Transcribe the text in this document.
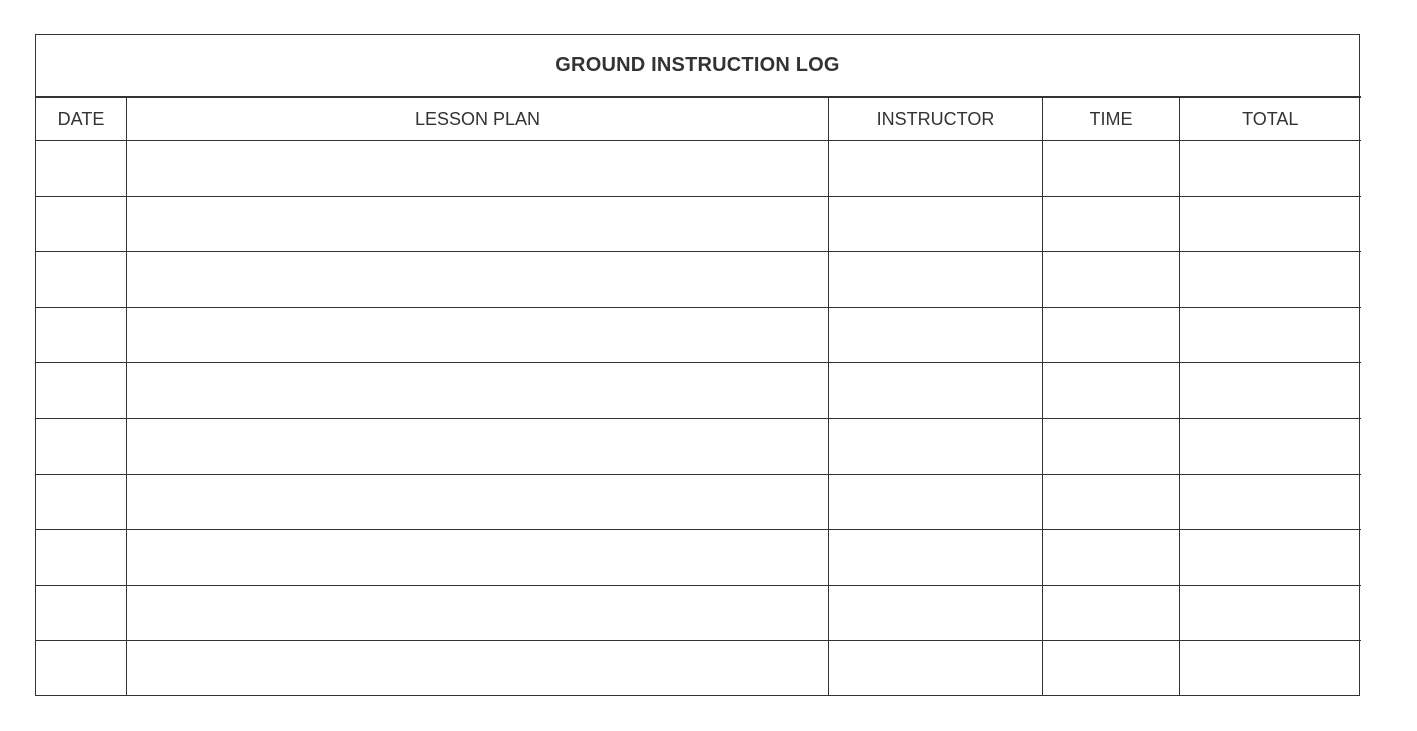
GROUND INSTRUCTION LOG
DATE	LESSON PLAN	INSTRUCTOR	TIME	TOTAL
